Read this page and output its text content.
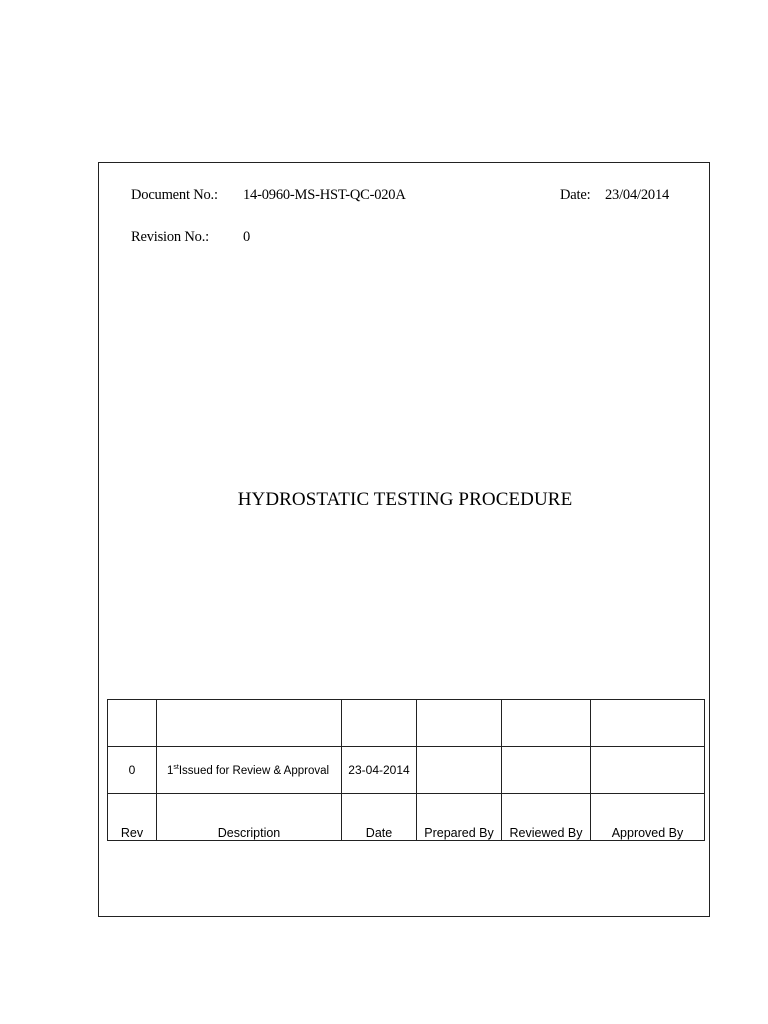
Document No.: 14-0960-MS-HST-QC-020A	Date: 23/04/2014
Revision No.: 0
HYDROSTATIC TESTING PROCEDURE

0	1stIssued for Review & Approval	23-04-2014			

Rev	Description	Date	Prepared By	Reviewed By	Approved By
